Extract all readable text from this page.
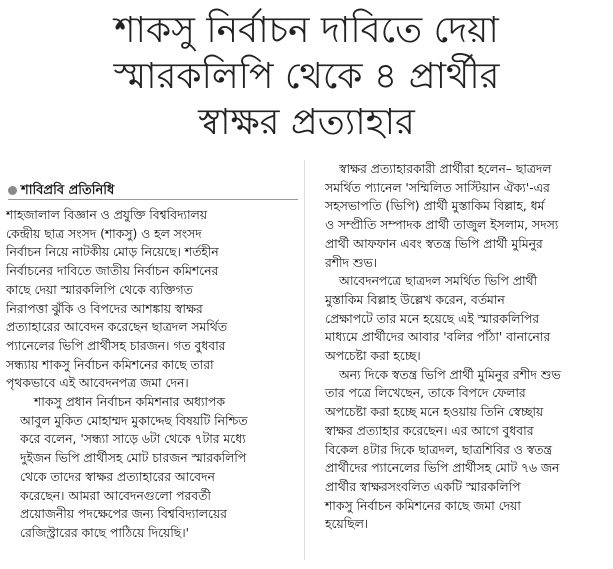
শাকসু নির্বাচন দাবিতে দেয়া
স্মারকলিপি থেকে ৪ প্রার্থীর
স্বাক্ষর প্রত্যাহার
শাবিপ্রবি প্রতিনিধি

শাহজালাল বিজ্ঞান ও প্রযুক্তি বিশ্ববিদ্যালয়
কেন্দ্রীয় ছাত্র সংসদ (শাকসু) ও হল সংসদ
নির্বাচন নিয়ে নাটকীয় মোড় নিয়েছে। শর্তহীন
নির্বাচনের দাবিতে জাতীয় নির্বাচন কমিশনের
কাছে দেয়া স্মারকলিপি থেকে ব্যক্তিগত
নিরাপত্তা ঝুঁকি ও বিপদের আশঙ্কায় স্বাক্ষর
প্রত্যাহারের আবেদন করেছেন ছাত্রদল সমর্থিত
প্যানেলের ভিপি প্রার্থীসহ চারজন। গত বুধবার
সন্ধ্যায় শাকসু নির্বাচন কমিশনের কাছে তারা
পৃথকভাবে এই আবেদনপত্র জমা দেন।

শাকসু প্রধান নির্বাচন কমিশনার অধ্যাপক
আবুল মুকিত মোহাম্মদ মুকাদ্দেছ বিষয়টি নিশ্চিত
করে বলেন, 'সন্ধ্যা সাড়ে ৬টা থেকে ৭টার মধ্যে
দুইজন ভিপি প্রার্থীসহ মোট চারজন স্মারকলিপি
থেকে তাদের স্বাক্ষর প্রত্যাহারের আবেদন
করেছেন। আমরা আবেদনগুলো পরবর্তী
প্রয়োজনীয় পদক্ষেপের জন্য বিশ্ববিদ্যালয়ের
রেজিস্ট্রারের কাছে পাঠিয়ে দিয়েছি।'

স্বাক্ষর প্রত্যাহারকারী প্রার্থীরা হলেন– ছাত্রদল
সমর্থিত প্যানেল 'সম্মিলিত সাস্টিয়ান ঐক্য'-এর
সহসভাপতি (ভিপি) প্রার্থী মুস্তাকিম বিল্লাহ, ধর্ম
ও সম্প্রীতি সম্পাদক প্রার্থী তাজুল ইসলাম, সদস্য
প্রার্থী আফফান এবং স্বতন্ত্র ভিপি প্রার্থী মুমিনুর
রশীদ শুভ।

আবেদনপত্রে ছাত্রদল সমর্থিত ভিপি প্রার্থী
মুস্তাকিম বিল্লাহ উল্লেখ করেন, বর্তমান
প্রেক্ষাপটে তার মনে হয়েছে এই স্মারকলিপির
মাধ্যমে প্রার্থীদের আবার 'বলির পাঁঠা' বানানোর
অপচেষ্টা করা হচ্ছে।

অন্য দিকে স্বতন্ত্র ভিপি প্রার্থী মুমিনুর রশীদ শুভ
তার পত্রে লিখেছেন, তাকে বিপদে ফেলার
অপচেষ্টা করা হচ্ছে মনে হওয়ায় তিনি স্বেচ্ছায়
স্বাক্ষর প্রত্যাহার করেছেন। এর আগে বুধবার
বিকেল ৪টার দিকে ছাত্রদল, ছাত্রশিবির ও স্বতন্ত্র
প্রার্থীদের প্যানেলের ভিপি প্রার্থীসহ মোট ৭৬ জন
প্রার্থীর স্বাক্ষরসংবলিত একটি স্মারকলিপি
শাকসু নির্বাচন কমিশনের কাছে জমা দেয়া
হয়েছিল।
